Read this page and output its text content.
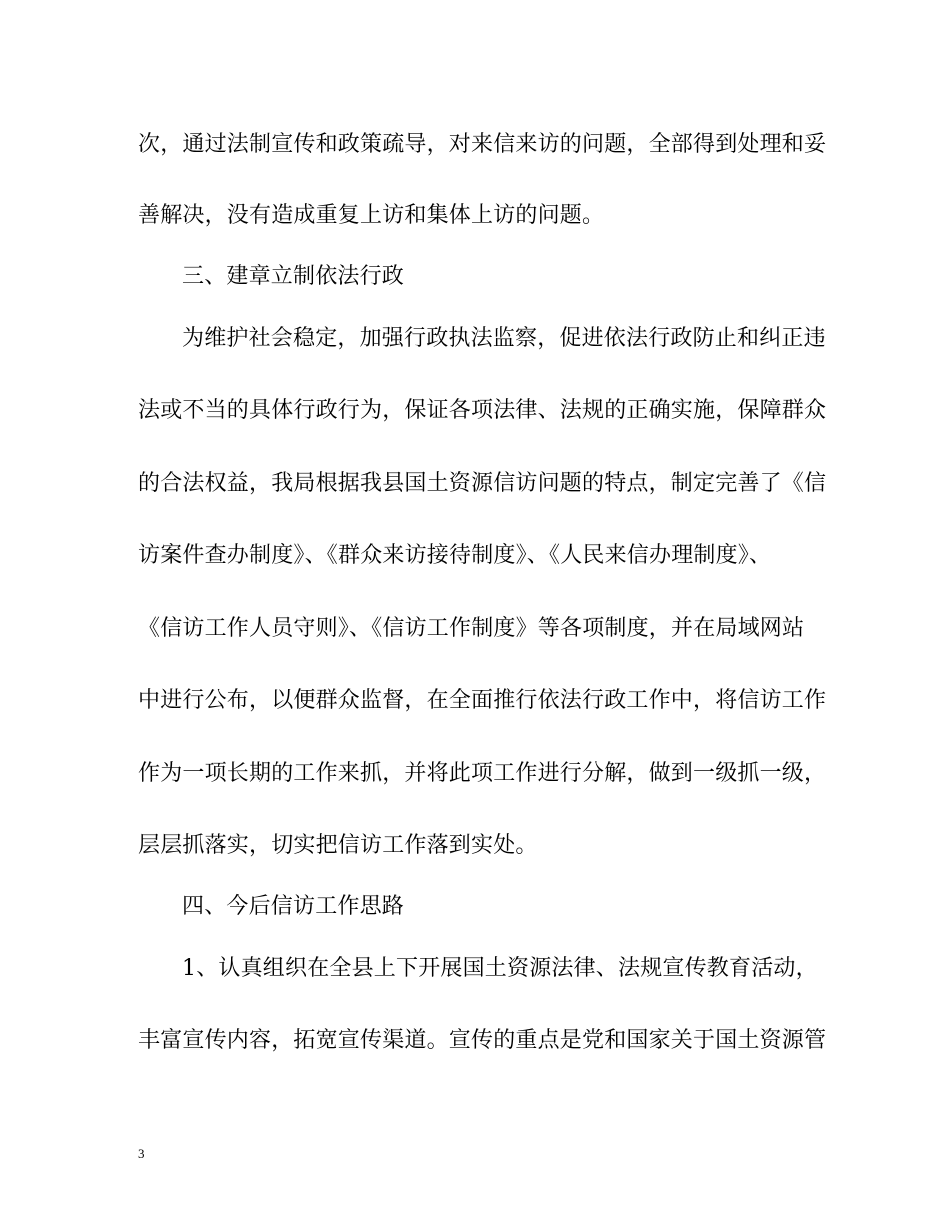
次，通过法制宣传和政策疏导，对来信来访的问题，全部得到处理和妥
善解决，没有造成重复上访和集体上访的问题。
三、建章立制依法行政
为维护社会稳定，加强行政执法监察，促进依法行政防止和纠正违
法或不当的具体行政行为，保证各项法律、法规的正确实施，保障群众
的合法权益，我局根据我县国土资源信访问题的特点，制定完善了《信
访案件查办制度》、《群众来访接待制度》、《人民来信办理制度》、
《信访工作人员守则》、《信访工作制度》等各项制度，并在局域网站
中进行公布，以便群众监督，在全面推行依法行政工作中，将信访工作
作为一项长期的工作来抓，并将此项工作进行分解，做到一级抓一级，
层层抓落实，切实把信访工作落到实处。
四、今后信访工作思路
1、认真组织在全县上下开展国土资源法律、法规宣传教育活动，
丰富宣传内容，拓宽宣传渠道。宣传的重点是党和国家关于国土资源管
3
